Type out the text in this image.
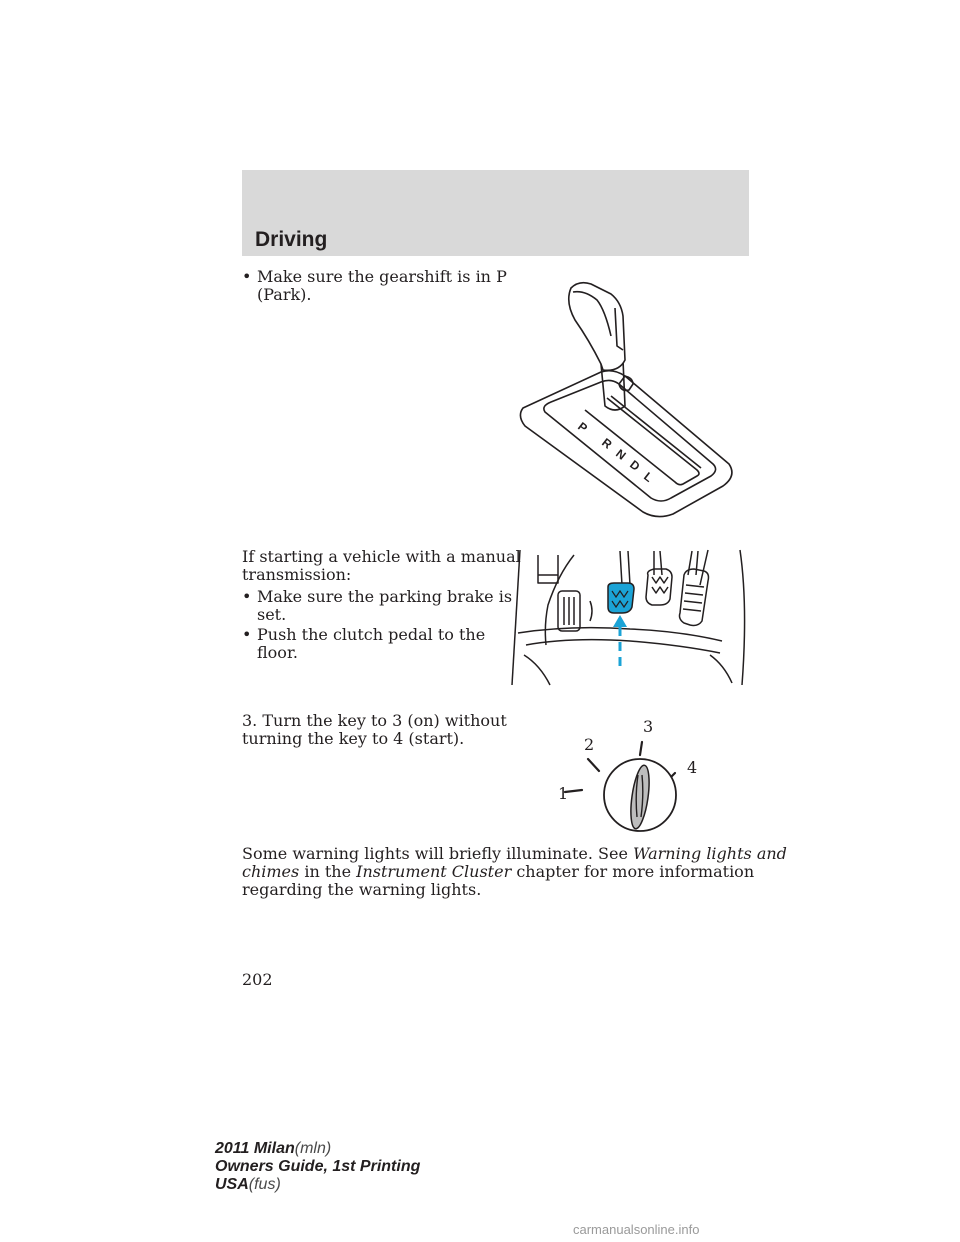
Driving
• Make sure the gearshift is in P
(Park).
P
R
N
D
L
If starting a vehicle with a manual
transmission:
• Make sure the parking brake is
set.
• Push the clutch pedal to the
floor.
3. Turn the key to 3 (on) without
turning the key to 4 (start).
1
2
3
4
Some warning lights will briefly illuminate. See Warning lights and
chimes in the Instrument Cluster chapter for more information
regarding the warning lights.
202
2011 Milan(mln)
Owners Guide, 1st Printing
USA(fus)
carmanualsonline.info
